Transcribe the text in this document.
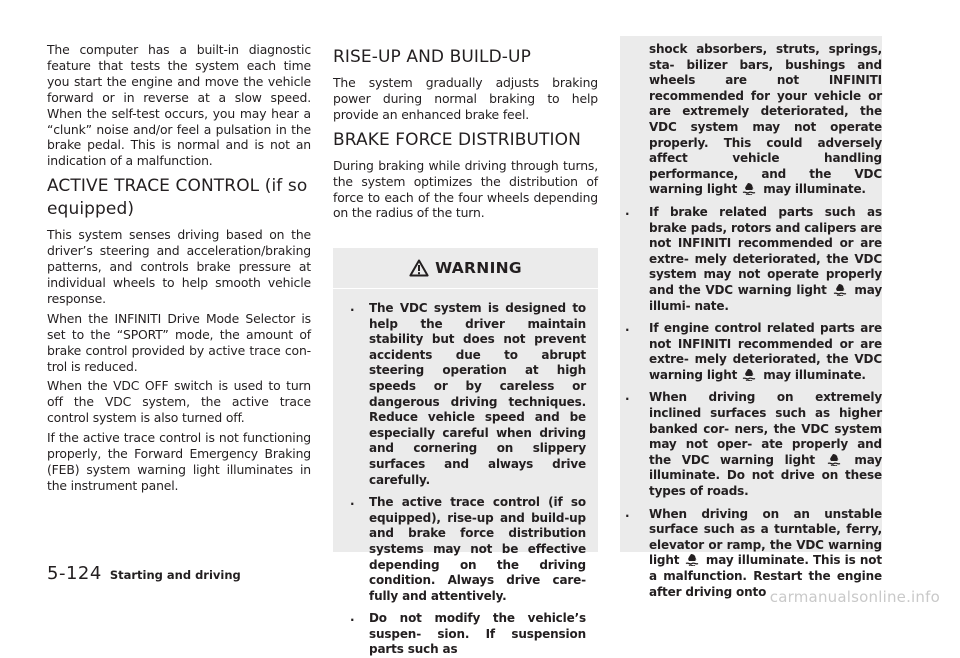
The computer has a built-in diagnostic feature that tests the system each time you start the engine and move the vehicle forward or in reverse at a slow speed. When the self-test occurs, you may hear a “clunk” noise and/or feel a pulsation in the brake pedal. This is normal and is not an indication of a malfunction.

ACTIVE TRACE CONTROL (if so equipped)

This system senses driving based on the driver’s steering and acceleration/braking patterns, and controls brake pressure at individual wheels to help smooth vehicle response.

When the INFINITI Drive Mode Selector is set to the “SPORT” mode, the amount of brake control provided by active trace con- trol is reduced.

When the VDC OFF switch is used to turn off the VDC system, the active trace control system is also turned off.

If the active trace control is not functioning properly, the Forward Emergency Braking (FEB) system warning light illuminates in the instrument panel.

RISE-UP AND BUILD-UP

The system gradually adjusts braking power during normal braking to help provide an enhanced brake feel.

BRAKE FORCE DISTRIBUTION

During braking while driving through turns, the system optimizes the distribution of force to each of the four wheels depending on the radius of the turn.

WARNING
. The VDC system is designed to help the driver maintain stability but does not prevent accidents due to abrupt steering operation at high speeds or by careless or dangerous driving techniques. Reduce vehicle speed and be especially careful when driving and cornering on slippery surfaces and always drive carefully.
. The active trace control (if so equipped), rise-up and build-up and brake force distribution systems may not be effective depending on the driving condition. Always drive care- fully and attentively.
. Do not modify the vehicle’s suspen- sion. If suspension parts such as
shock absorbers, struts, springs, sta- bilizer bars, bushings and wheels are not INFINITI recommended for your vehicle or are extremely deteriorated, the VDC system may not operate properly. This could adversely affect vehicle handling performance, and the VDC warning light may illuminate.
. If brake related parts such as brake pads, rotors and calipers are not INFINITI recommended or are extre- mely deteriorated, the VDC system may not operate properly and the VDC warning light may illumi- nate.
. If engine control related parts are not INFINITI recommended or are extre- mely deteriorated, the VDC warning light may illuminate.
. When driving on extremely inclined surfaces such as higher banked cor- ners, the VDC system may not oper- ate properly and the VDC warning light	may illuminate. Do not drive on these types of roads.
. When driving on an unstable surface such as a turntable, ferry, elevator or ramp, the VDC warning light may illuminate. This is not a malfunction. Restart the engine after driving onto
5-124 Starting and driving
carmanualsonline.info
